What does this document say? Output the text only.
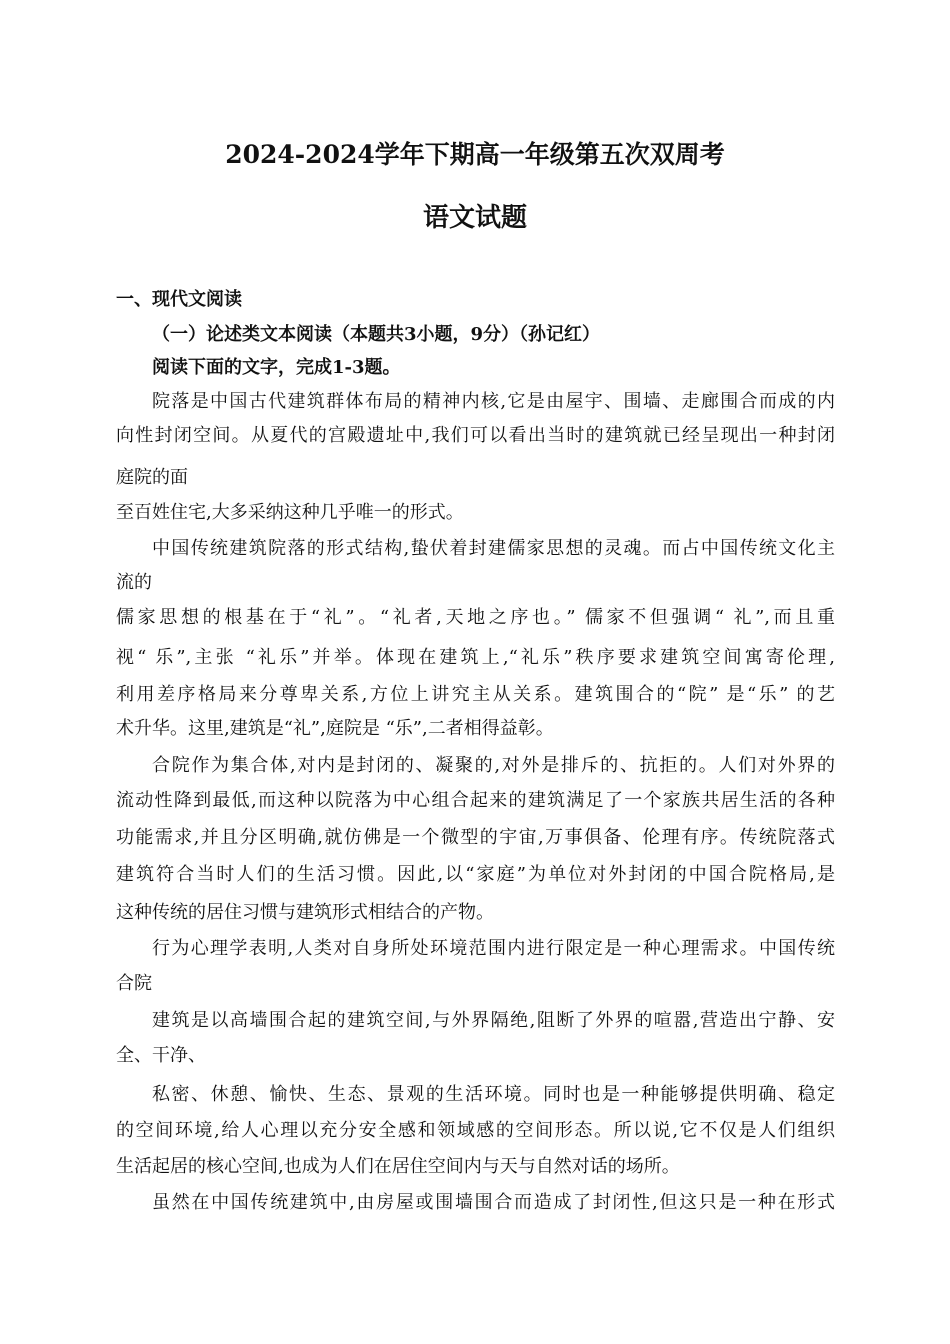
2024-2024学年下期高一年级第五次双周考
语文试题
一、现代文阅读
（一）论述类文本阅读（本题共3小题，9分）（孙记红）
阅读下面的文字，完成1-3题。
院落是中国古代建筑群体布局的精神内核,它是由屋宇、围墙、走廊围合而成的内
向性封闭空间。从夏代的宫殿遗址中,我们可以看出当时的建筑就已经呈现出一种封闭
庭院的面
至百姓住宅,大多采纳这种几乎唯一的形式。
中国传统建筑院落的形式结构,蛰伏着封建儒家思想的灵魂。而占中国传统文化主
流的
儒家思想的根基在于“礼”。“礼者,天地之序也。” 儒家不但强调“ 礼”,而且重
视“ 乐”,主张 “礼乐”并举。体现在建筑上,“礼乐”秩序要求建筑空间寓寄伦理,
利用差序格局来分尊卑关系,方位上讲究主从关系。建筑围合的“院” 是“乐” 的艺
术升华。这里,建筑是“礼”,庭院是 “乐”,二者相得益彰。
合院作为集合体,对内是封闭的、凝聚的,对外是排斥的、抗拒的。人们对外界的
流动性降到最低,而这种以院落为中心组合起来的建筑满足了一个家族共居生活的各种
功能需求,并且分区明确,就仿佛是一个微型的宇宙,万事俱备、伦理有序。传统院落式
建筑符合当时人们的生活习惯。因此,以“家庭”为单位对外封闭的中国合院格局,是
这种传统的居住习惯与建筑形式相结合的产物。
行为心理学表明,人类对自身所处环境范围内进行限定是一种心理需求。中国传统
合院
建筑是以高墙围合起的建筑空间,与外界隔绝,阻断了外界的喧嚣,营造出宁静、安
全、干净、
私密、休憩、愉快、生态、景观的生活环境。同时也是一种能够提供明确、稳定
的空间环境,给人心理以充分安全感和领域感的空间形态。所以说,它不仅是人们组织
生活起居的核心空间,也成为人们在居住空间内与天与自然对话的场所。
虽然在中国传统建筑中,由房屋或围墙围合而造成了封闭性,但这只是一种在形式
